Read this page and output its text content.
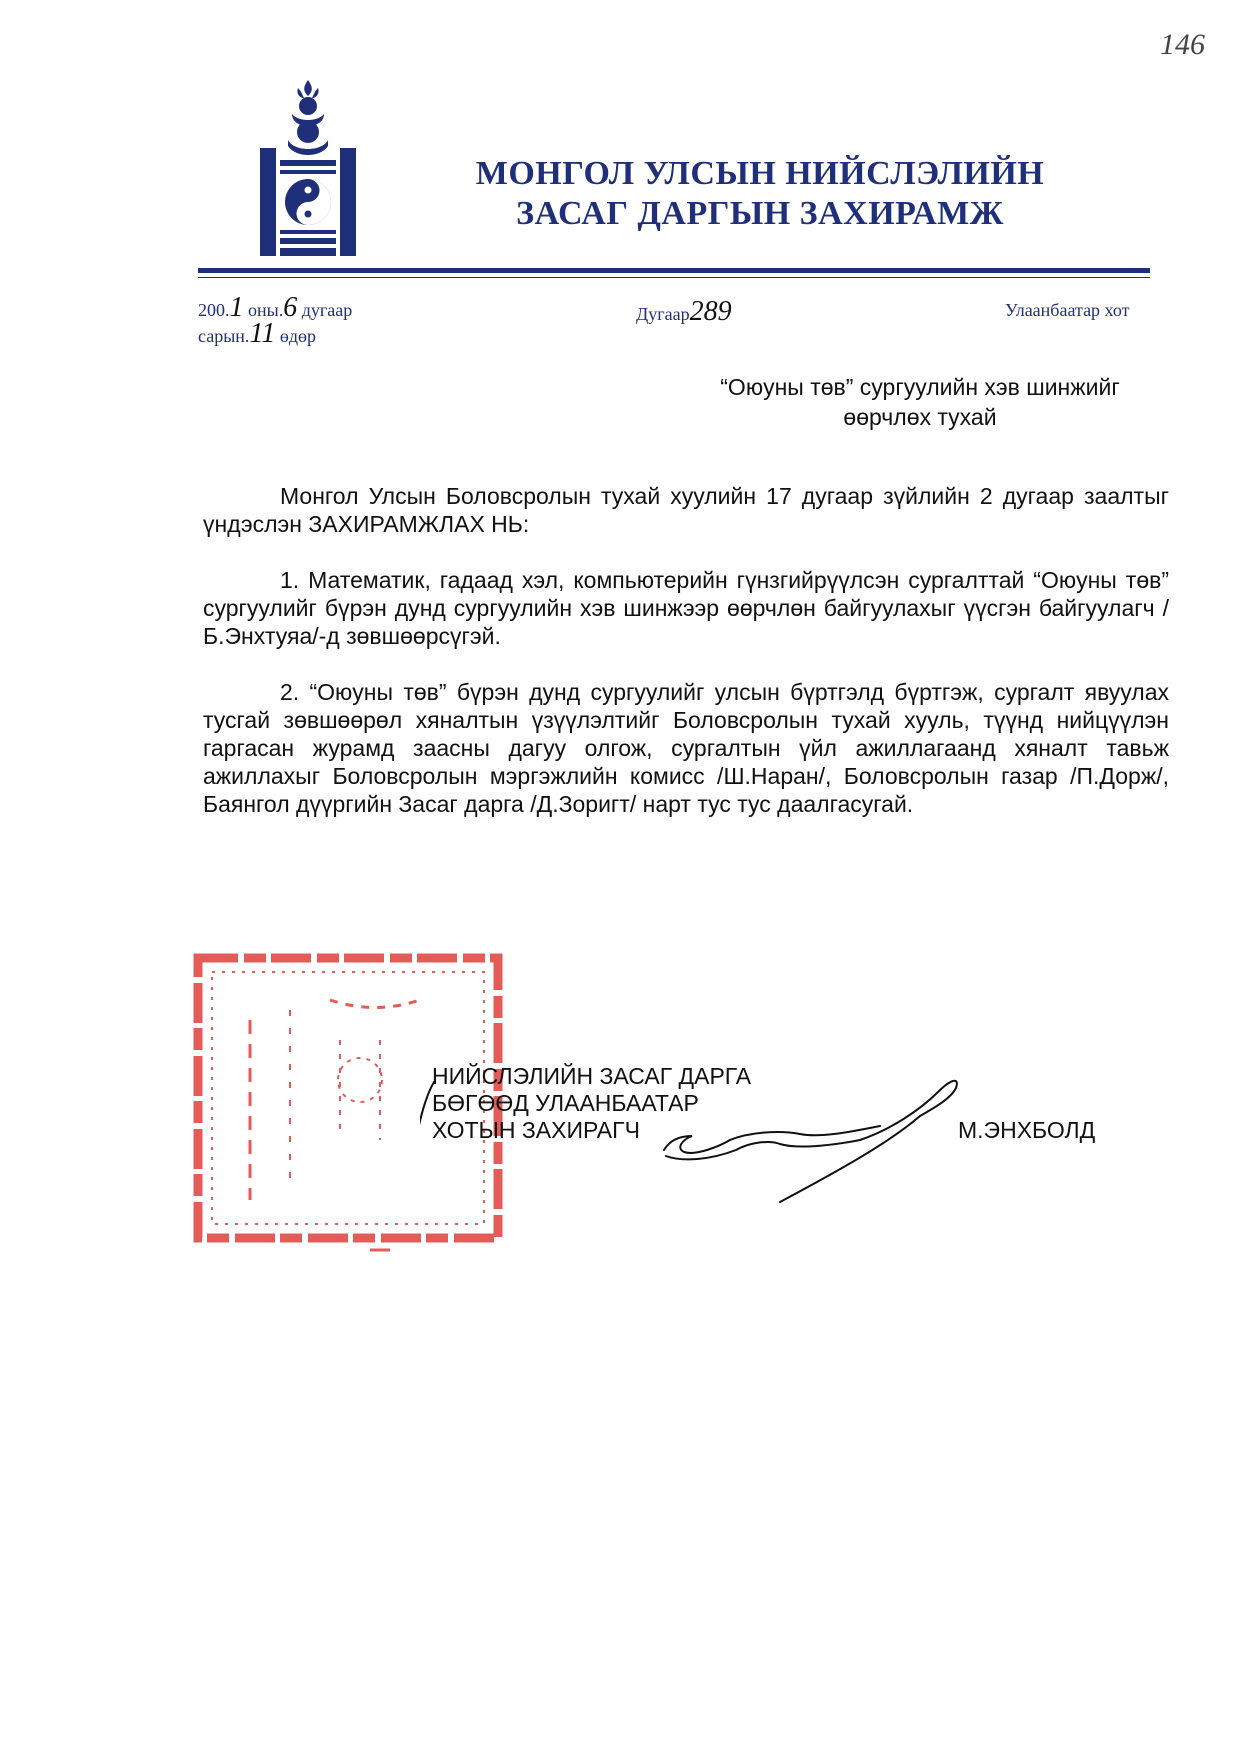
146
МОНГОЛ УЛСЫН НИЙСЛЭЛИЙН
ЗАСАГ ДАРГЫН ЗАХИРАМЖ
200.1 оны.6 дугаар
сарын.11 өдөр
Дугаар289	Улаанбаатар хот
“Оюуны төв” сургуулийн хэв шинжийг
өөрчлөх тухай
Монгол Улсын Боловсролын тухай хуулийн 17 дугаар зүйлийн 2 дугаар заалтыг үндэслэн ЗАХИРАМЖЛАХ НЬ:
1. Математик, гадаад хэл, компьютерийн гүнзгийрүүлсэн сургалттай “Оюуны төв” сургуулийг бүрэн дунд сургуулийн хэв шинжээр өөрчлөн байгуулахыг үүсгэн байгуулагч /Б.Энхтуяа/-д зөвшөөрсүгэй.
2. “Оюуны төв” бүрэн дунд сургуулийг улсын бүртгэлд бүртгэж, сургалт явуулах тусгай зөвшөөрөл хяналтын үзүүлэлтийг Боловсролын тухай хууль, түүнд нийцүүлэн гаргасан журамд заасны дагуу олгож, сургалтын үйл ажиллагаанд хяналт тавьж ажиллахыг Боловсролын мэргэжлийн комисс /Ш.Наран/, Боловсролын газар /П.Дорж/, Баянгол дүүргийн Засаг дарга /Д.Зоригт/ нарт тус тус даалгасугай.
НИЙСЛЭЛИЙН ЗАСАГ ДАРГА
БӨГӨӨД УЛААНБААТАР
ХОТЫН ЗАХИРАГЧ	М.ЭНХБОЛД
